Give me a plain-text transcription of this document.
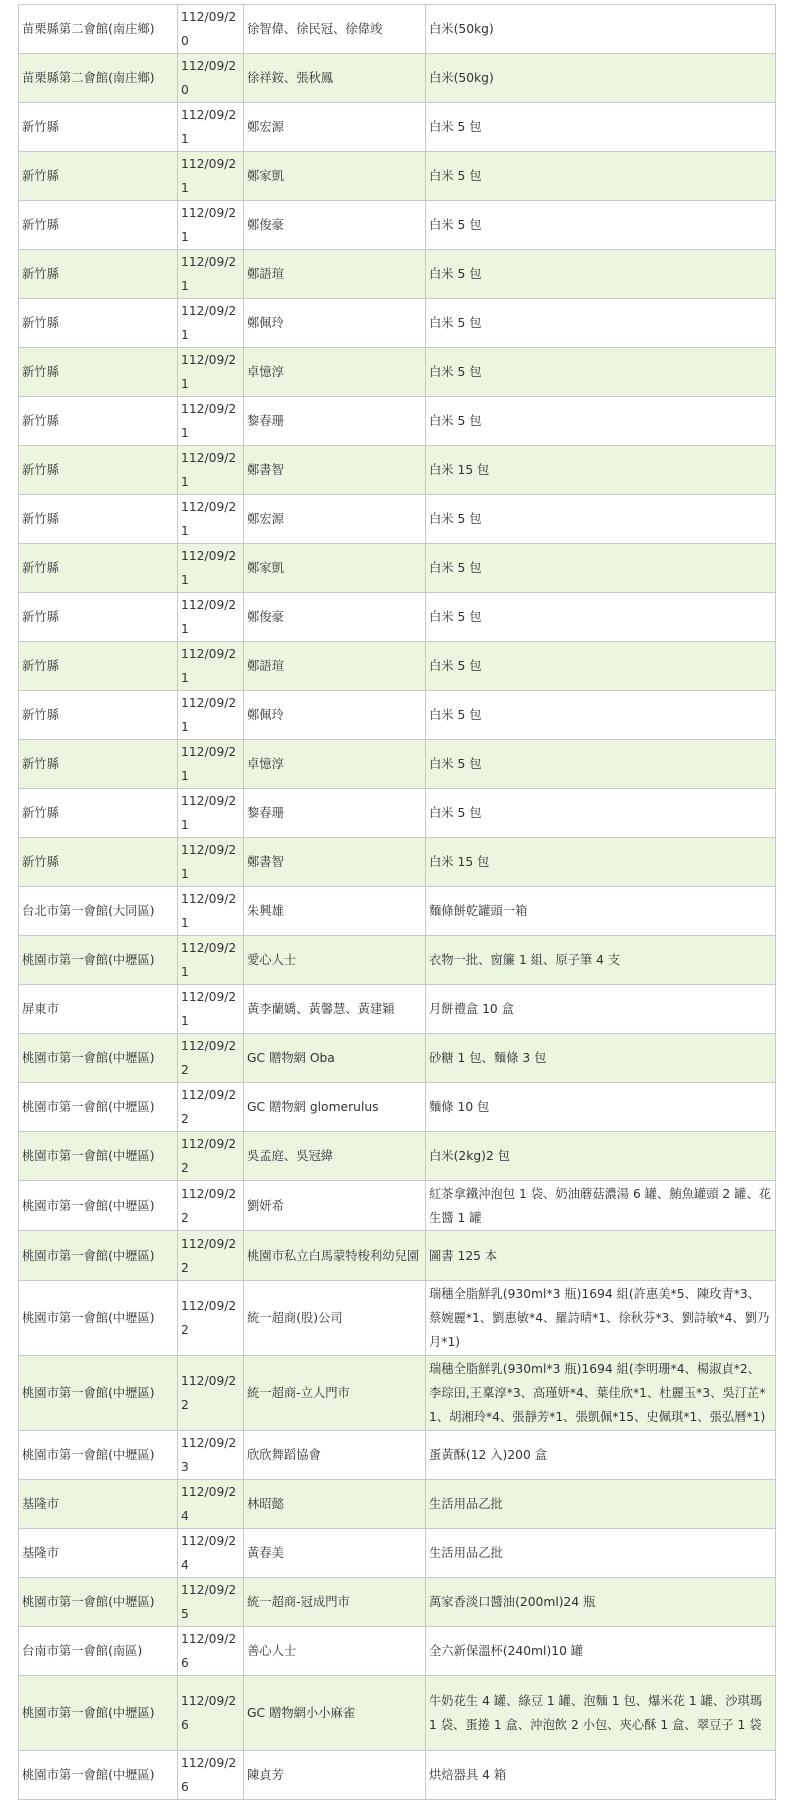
苗栗縣第二會館(南庄鄉)	112/09/20	徐智偉、徐民冠、徐偉竣	白米(50kg)
苗栗縣第二會館(南庄鄉)	112/09/20	徐祥銨、張秋鳳	白米(50kg)
新竹縣	112/09/21	鄭宏源	白米 5 包
新竹縣	112/09/21	鄭家凱	白米 5 包
新竹縣	112/09/21	鄭俊豪	白米 5 包
新竹縣	112/09/21	鄭語瑄	白米 5 包
新竹縣	112/09/21	鄭佩玲	白米 5 包
新竹縣	112/09/21	卓憶淳	白米 5 包
新竹縣	112/09/21	黎春珊	白米 5 包
新竹縣	112/09/21	鄭書智	白米 15 包
新竹縣	112/09/21	鄭宏源	白米 5 包
新竹縣	112/09/21	鄭家凱	白米 5 包
新竹縣	112/09/21	鄭俊豪	白米 5 包
新竹縣	112/09/21	鄭語瑄	白米 5 包
新竹縣	112/09/21	鄭佩玲	白米 5 包
新竹縣	112/09/21	卓憶淳	白米 5 包
新竹縣	112/09/21	黎春珊	白米 5 包
新竹縣	112/09/21	鄭書智	白米 15 包
台北市第一會館(大同區)	112/09/21	朱興雄	麵條餅乾罐頭一箱
桃園市第一會館(中壢區)	112/09/21	愛心人士	衣物一批、窗簾 1 組、原子筆 4 支
屏東市	112/09/21	黃李蘭嬌、黃馨慧、黃建穎	月餅禮盒 10 盒
桃園市第一會館(中壢區)	112/09/22	GC 贈物網 Oba	砂糖 1 包、麵條 3 包
桃園市第一會館(中壢區)	112/09/22	GC 贈物網 glomerulus	麵條 10 包
桃園市第一會館(中壢區)	112/09/22	吳孟庭、吳冠緯	白米(2kg)2 包
桃園市第一會館(中壢區)	112/09/22	劉妍希	紅茶拿鐵沖泡包 1 袋、奶油蘑菇濃湯 6 罐、鮪魚罐頭 2 罐、花生醬 1 罐
桃園市第一會館(中壢區)	112/09/22	桃園市私立白馬蒙特梭利幼兒園	圖書 125 本
桃園市第一會館(中壢區)	112/09/22	統一超商(股)公司	瑞穗全脂鮮乳(930ml*3 瓶)1694 組(許惠美*5、陳玫青*3、蔡婉麗*1、劉惠敏*4、羅詩晴*1、徐秋芬*3、劉詩敏*4、劉乃月*1)
桃園市第一會館(中壢區)	112/09/22	統一超商-立人門市	瑞穗全脂鮮乳(930ml*3 瓶)1694 組(李明珊*4、楊淑貞*2、李琮田,王稟淳*3、高瑾妍*4、葉佳欣*1、杜麗玉*3、吳汀芷*1、胡湘玲*4、張靜芳*1、張凱佩*15、史佩琪*1、張弘曆*1)
桃園市第一會館(中壢區)	112/09/23	欣欣舞蹈協會	蛋黃酥(12 入)200 盒
基隆市	112/09/24	林昭懿	生活用品乙批
基隆市	112/09/24	黃春美	生活用品乙批
桃園市第一會館(中壢區)	112/09/25	統一超商-冠成門市	萬家香淡口醬油(200ml)24 瓶
台南市第一會館(南區)	112/09/26	善心人士	全六新保溫杯(240ml)10 罐
桃園市第一會館(中壢區)	112/09/26	GC 贈物網小小麻雀	牛奶花生 4 罐、綠豆 1 罐、泡麵 1 包、爆米花 1 罐、沙琪瑪 1 袋、蛋捲 1 盒、沖泡飲 2 小包、夾心酥 1 盒、翠豆子 1 袋
桃園市第一會館(中壢區)	112/09/26	陳貞芳	烘焙器具 4 箱
